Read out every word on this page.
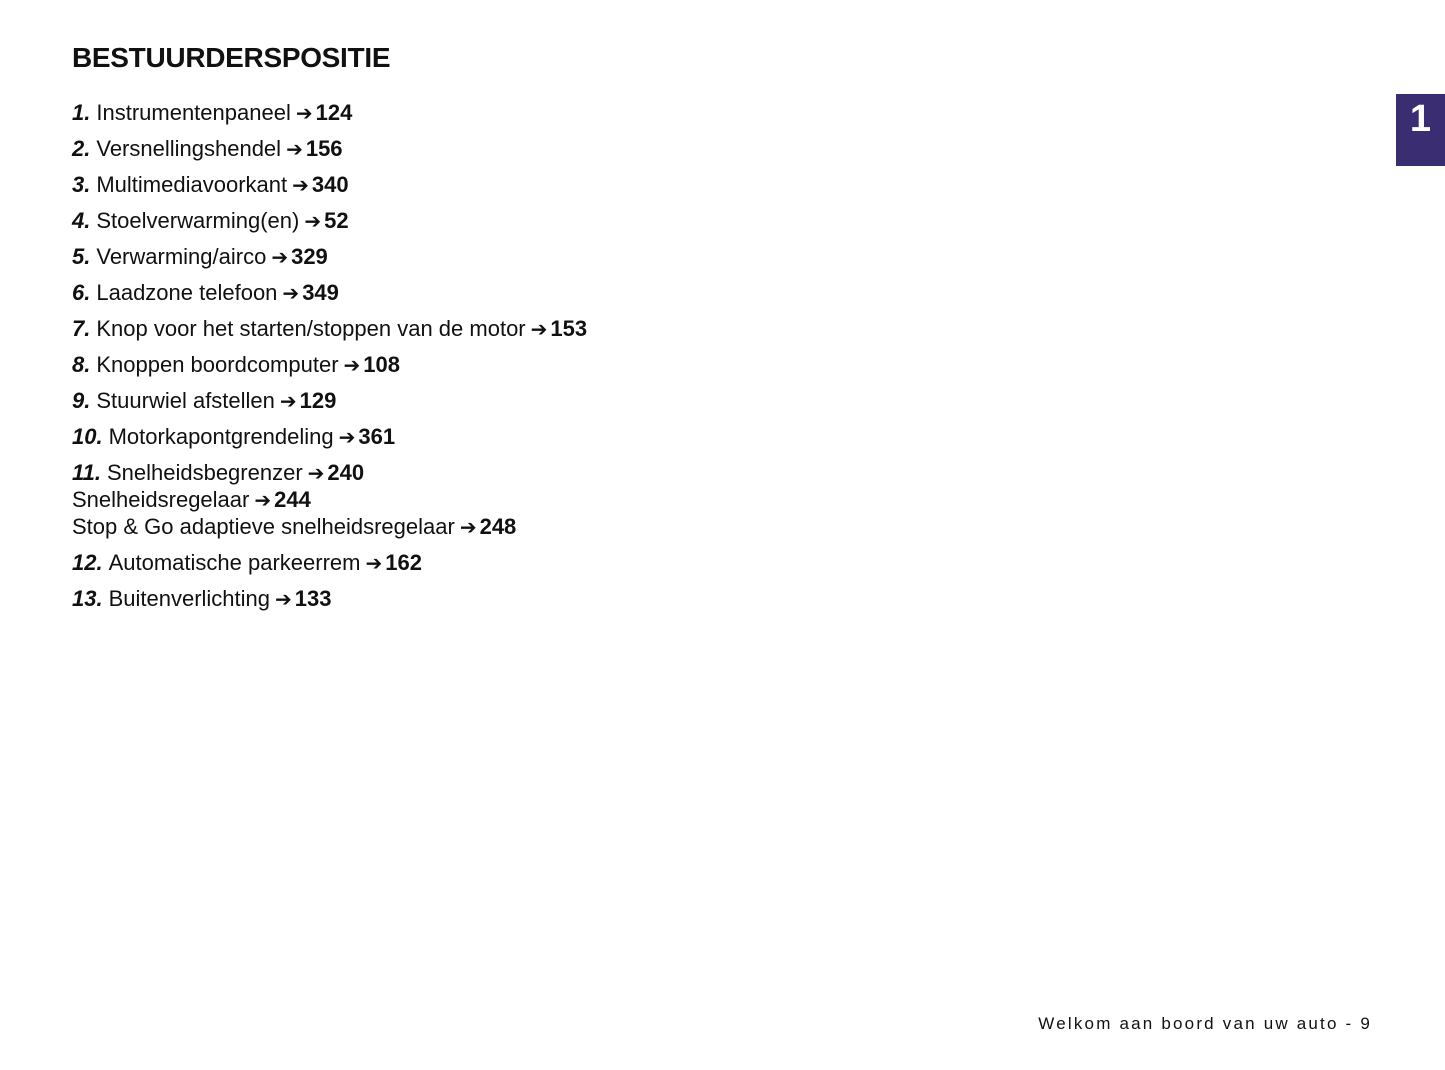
BESTUURDERSPOSITIE
1
1. Instrumentenpaneel ➔ 124
2. Versnellingshendel ➔ 156
3. Multimediavoorkant ➔ 340
4. Stoelverwarming(en) ➔ 52
5. Verwarming/airco ➔ 329
6. Laadzone telefoon ➔ 349
7. Knop voor het starten/stoppen van de motor ➔ 153
8. Knoppen boordcomputer ➔ 108
9. Stuurwiel afstellen ➔ 129
10. Motorkapontgrendeling ➔ 361
11. Snelheidsbegrenzer ➔ 240
Snelheidsregelaar ➔ 244
Stop & Go adaptieve snelheidsregelaar ➔ 248
12. Automatische parkeerrem ➔ 162
13. Buitenverlichting ➔ 133
Welkom aan boord van uw auto - 9
